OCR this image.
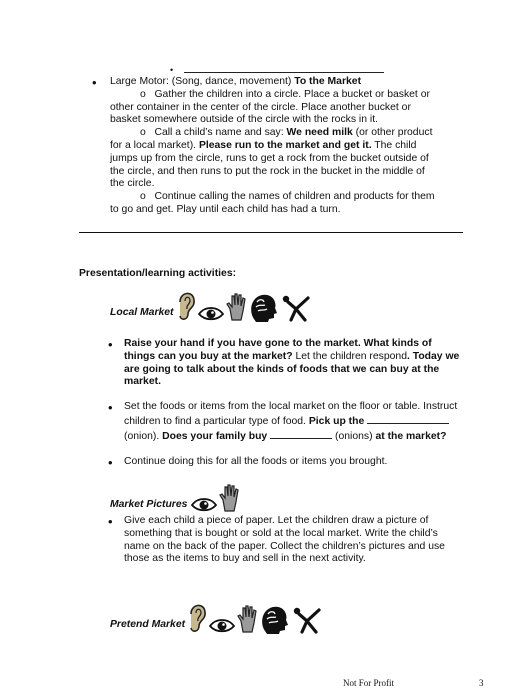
•
• Large Motor: (Song, dance, movement) To the Market
o Gather the children into a circle. Place a bucket or basket or other container in the center of the circle. Place another bucket or basket somewhere outside of the circle with the rocks in it.
o Call a child’s name and say: We need milk (or other product for a local market). Please run to the market and get it. The child jumps up from the circle, runs to get a rock from the bucket outside of the circle, and then runs to put the rock in the bucket in the middle of the circle.
o Continue calling the names of children and products for them to go and get. Play until each child has had a turn.
Presentation/learning activities:
Local Market
• Raise your hand if you have gone to the market. What kinds of things can you buy at the market? Let the children respond. Today we are going to talk about the kinds of foods that we can buy at the market.
• Set the foods or items from the local market on the floor or table. Instruct children to find a particular type of food. Pick up the
(onion). Does your family buy	(onions) at the market?
• Continue doing this for all the foods or items you brought.
Market Pictures
• Give each child a piece of paper. Let the children draw a picture of something that is bought or sold at the local market. Write the child’s name on the back of the paper. Collect the children’s pictures and use those as the items to buy and sell in the next activity.
Pretend Market
Not For Profit	3
